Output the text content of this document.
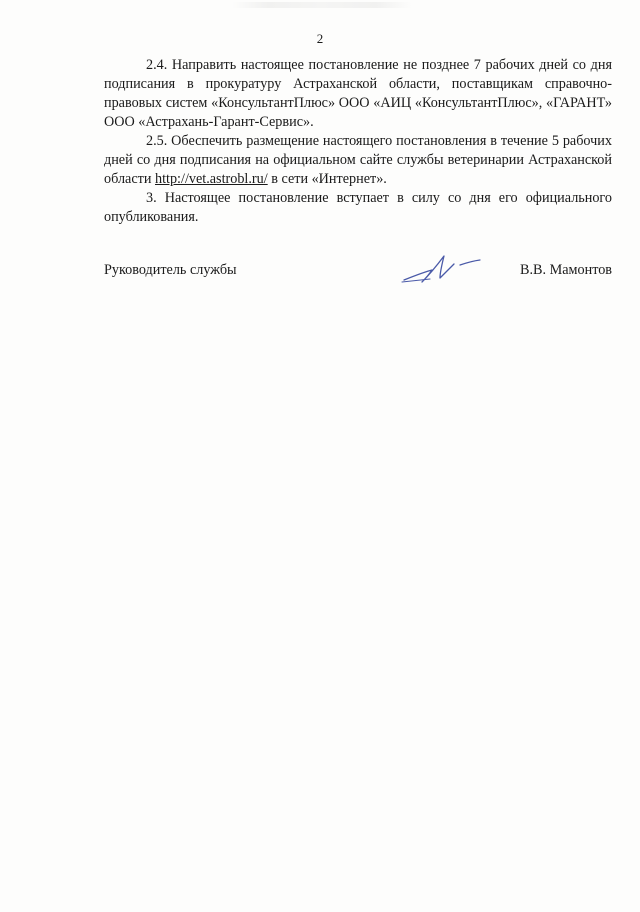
2

2.4. Направить настоящее постановление не позднее 7 рабочих дней со дня подписания в прокуратуру Астраханской области, поставщикам справочно-правовых систем «КонсультантПлюс» ООО «АИЦ «КонсультантПлюс», «ГАРАНТ» ООО «Астрахань-Гарант-Сервис».

2.5. Обеспечить размещение настоящего постановления в течение 5 рабочих дней со дня подписания на официальном сайте службы ветеринарии Астраханской области http://vet.astrobl.ru/ в сети «Интернет».

3. Настоящее постановление вступает в силу со дня его официального опубликования.

Руководитель службы	В.В. Мамонтов
